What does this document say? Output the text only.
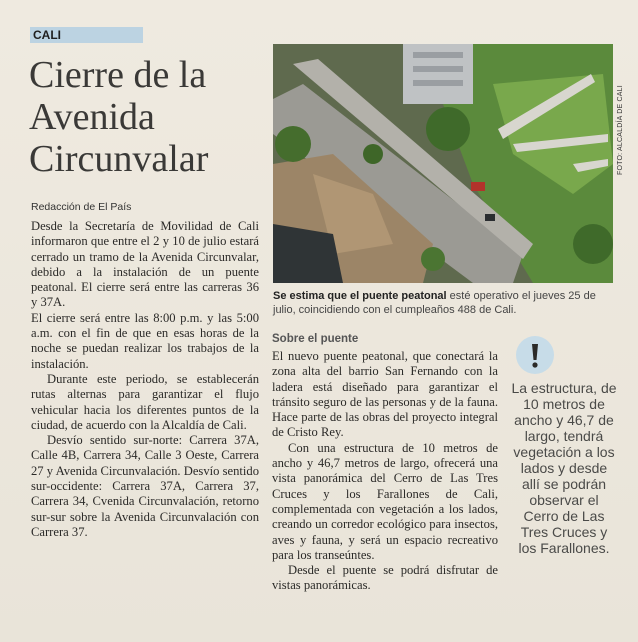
CALI
Cierre de la
Avenida
Circunvalar
Redacción de El País

Desde la Secretaría de Movilidad de Cali informaron que entre el 2 y 10 de julio estará cerrado un tramo de la Avenida Circunvalar, debido a la instalación de un puente peatonal. El cierre será entre las carreras 36 y 37A.

El cierre será entre las 8:00 p.m. y las 5:00 a.m. con el fin de que en esas horas de la noche se puedan realizar los trabajos de la instalación.

Durante este periodo, se establecerán rutas alternas para garantizar el flujo vehicular hacia los diferentes puntos de la ciudad, de acuerdo con la Alcaldía de Cali.

Desvío sentido sur-norte: Carrera 37A, Calle 4B, Carrera 34, Calle 3 Oeste, Carrera 27 y Avenida Circunvalación. Desvío sentido sur-occidente: Carrera 37A, Carrera 37, Carrera 34, Cvenida Circunvalación, retorno sur-sur sobre la Avenida Circunvalación con Carrera 37.

FOTO: ALCALDÍA DE CALI
Se estima que el puente peatonal esté operativo el jueves 25 de julio, coincidiendo con el cumpleaños 488 de Cali.
Sobre el puente

El nuevo puente peatonal, que conectará la zona alta del barrio San Fernando con la ladera está diseñado para garantizar el tránsito seguro de las personas y de la fauna. Hace parte de las obras del proyecto integral de Cristo Rey.

Con una estructura de 10 metros de ancho y 46,7 metros de largo, ofrecerá una vista panorámica del Cerro de Las Tres Cruces y los Farallones de Cali, complementada con vegetación a los lados, creando un corredor ecológico para insectos, aves y fauna, y será un espacio recreativo para los transeúntes.

Desde el puente se podrá disfrutar de vistas panorámicas.

La estructura, de 10 metros de ancho y 46,7 de largo, tendrá vegetación a los lados y desde allí se podrán observar el Cerro de Las Tres Cruces y los Farallones.
